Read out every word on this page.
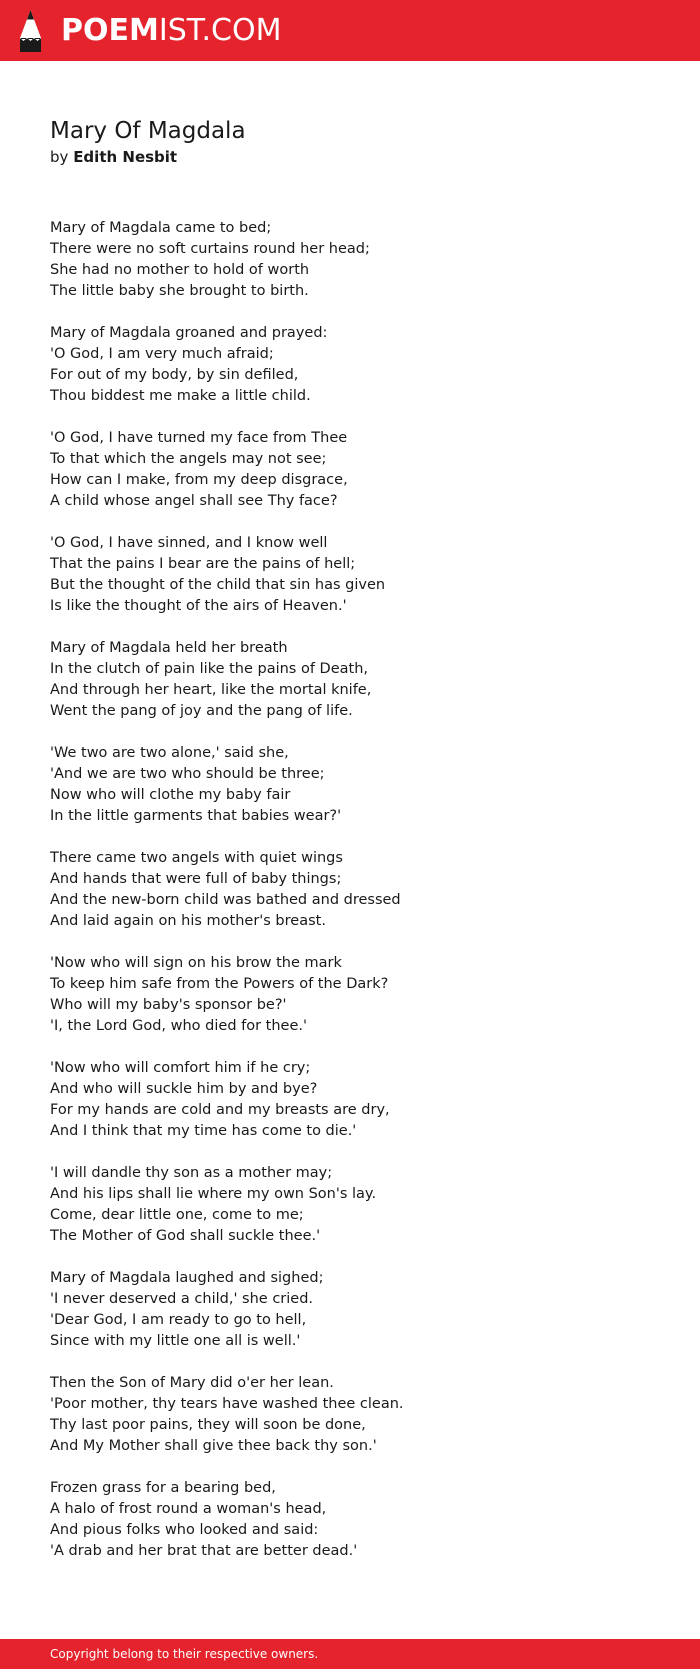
POEMIST.COM
Mary Of Magdala

by Edith Nesbit

Mary of Magdala came to bed;
There were no soft curtains round her head;
She had no mother to hold of worth
The little baby she brought to birth.

Mary of Magdala groaned and prayed:
'O God, I am very much afraid;
For out of my body, by sin defiled,
Thou biddest me make a little child.

'O God, I have turned my face from Thee
To that which the angels may not see;
How can I make, from my deep disgrace,
A child whose angel shall see Thy face?

'O God, I have sinned, and I know well
That the pains I bear are the pains of hell;
But the thought of the child that sin has given
Is like the thought of the airs of Heaven.'

Mary of Magdala held her breath
In the clutch of pain like the pains of Death,
And through her heart, like the mortal knife,
Went the pang of joy and the pang of life.

'We two are two alone,' said she,
'And we are two who should be three;
Now who will clothe my baby fair
In the little garments that babies wear?'

There came two angels with quiet wings
And hands that were full of baby things;
And the new-born child was bathed and dressed
And laid again on his mother's breast.

'Now who will sign on his brow the mark
To keep him safe from the Powers of the Dark?
Who will my baby's sponsor be?'
'I, the Lord God, who died for thee.'

'Now who will comfort him if he cry;
And who will suckle him by and bye?
For my hands are cold and my breasts are dry,
And I think that my time has come to die.'

'I will dandle thy son as a mother may;
And his lips shall lie where my own Son's lay.
Come, dear little one, come to me;
The Mother of God shall suckle thee.'

Mary of Magdala laughed and sighed;
'I never deserved a child,' she cried.
'Dear God, I am ready to go to hell,
Since with my little one all is well.'

Then the Son of Mary did o'er her lean.
'Poor mother, thy tears have washed thee clean.
Thy last poor pains, they will soon be done,
And My Mother shall give thee back thy son.'

Frozen grass for a bearing bed,
A halo of frost round a woman's head,
And pious folks who looked and said:
'A drab and her brat that are better dead.'

Copyright belong to their respective owners.
